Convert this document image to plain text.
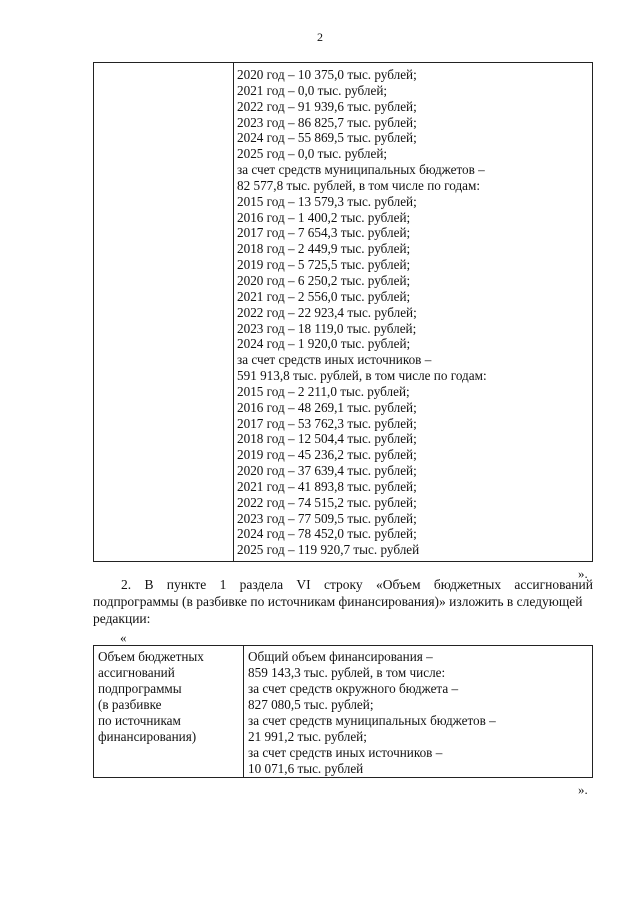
2
2020 год – 10 375,0 тыс. рублей;
2021 год – 0,0 тыс. рублей;
2022 год – 91 939,6 тыс. рублей;
2023 год – 86 825,7 тыс. рублей;
2024 год – 55 869,5 тыс. рублей;
2025 год – 0,0 тыс. рублей;
за счет средств муниципальных бюджетов –
82 577,8 тыс. рублей, в том числе по годам:
2015 год – 13 579,3 тыс. рублей;
2016 год – 1 400,2 тыс. рублей;
2017 год – 7 654,3 тыс. рублей;
2018 год – 2 449,9 тыс. рублей;
2019 год – 5 725,5 тыс. рублей;
2020 год – 6 250,2 тыс. рублей;
2021 год – 2 556,0 тыс. рублей;
2022 год – 22 923,4 тыс. рублей;
2023 год – 18 119,0 тыс. рублей;
2024 год – 1 920,0 тыс. рублей;
за счет средств иных источников –
591 913,8 тыс. рублей, в том числе по годам:
2015 год – 2 211,0 тыс. рублей;
2016 год – 48 269,1 тыс. рублей;
2017 год – 53 762,3 тыс. рублей;
2018 год – 12 504,4 тыс. рублей;
2019 год – 45 236,2 тыс. рублей;
2020 год – 37 639,4 тыс. рублей;
2021 год – 41 893,8 тыс. рублей;
2022 год – 74 515,2 тыс. рублей;
2023 год – 77 509,5 тыс. рублей;
2024 год – 78 452,0 тыс. рублей;
2025 год – 119 920,7 тыс. рублей
».
2. В пункте 1 раздела VI строку «Объем бюджетных ассигнований
подпрограммы (в разбивке по источникам финансирования)» изложить в следующей
редакции:
«
Объем бюджетных
ассигнований
подпрограммы
(в разбивке
по источникам
финансирования)
Общий объем финансирования –
859 143,3 тыс. рублей, в том числе:
за счет средств окружного бюджета –
827 080,5 тыс. рублей;
за счет средств муниципальных бюджетов –
21 991,2 тыс. рублей;
за счет средств иных источников –
10 071,6 тыс. рублей
».
